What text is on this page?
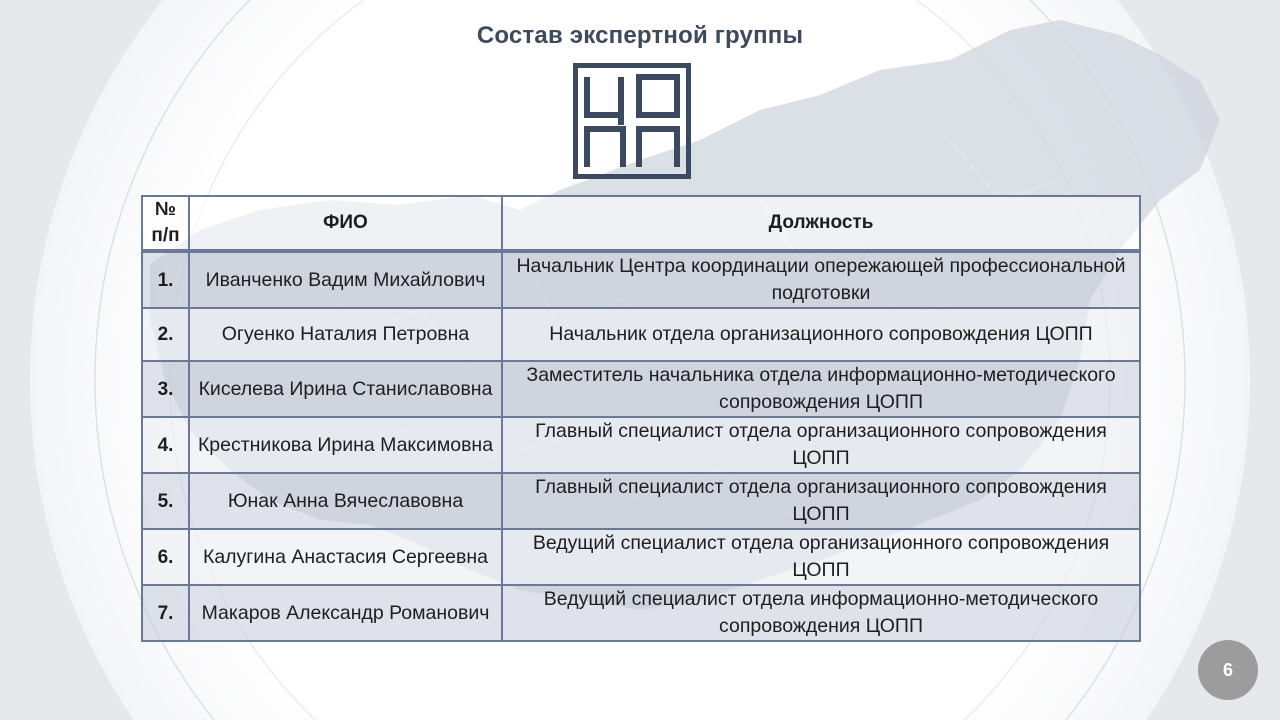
Состав экспертной группы
№ п/п	ФИО	Должность
1.	Иванченко Вадим Михайлович	Начальник Центра координации опережающей профессиональной подготовки
2.	Огуенко Наталия Петровна	Начальник отдела организационного сопровождения ЦОПП
3.	Киселева Ирина Станиславовна	Заместитель начальника отдела информационно-методического сопровождения ЦОПП
4.	Крестникова Ирина Максимовна	Главный специалист отдела организационного сопровождения ЦОПП
5.	Юнак Анна Вячеславовна	Главный специалист отдела организационного сопровождения ЦОПП
6.	Калугина Анастасия Сергеевна	Ведущий специалист отдела организационного сопровождения ЦОПП
7.	Макаров Александр Романович	Ведущий специалист отдела информационно-методического сопровождения ЦОПП
6
